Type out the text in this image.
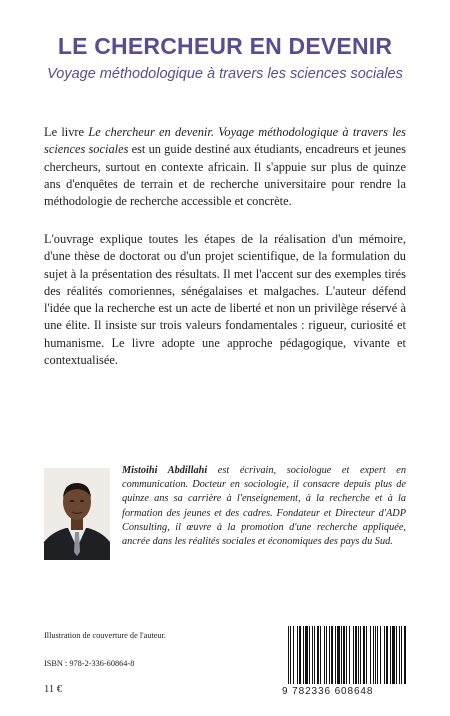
LE CHERCHEUR EN DEVENIR
Voyage méthodologique à travers les sciences sociales

Le livre Le chercheur en devenir. Voyage méthodologique à travers les sciences sociales est un guide destiné aux étudiants, encadreurs et jeunes chercheurs, surtout en contexte africain. Il s'appuie sur plus de quinze ans d'enquêtes de terrain et de recherche universitaire pour rendre la méthodologie de recherche accessible et concrète.

L'ouvrage explique toutes les étapes de la réalisation d'un mémoire, d'une thèse de doctorat ou d'un projet scientifique, de la formulation du sujet à la présentation des résultats. Il met l'accent sur des exemples tirés des réalités comoriennes, sénégalaises et malgaches. L'auteur défend l'idée que la recherche est un acte de liberté et non un privilège réservé à une élite. Il insiste sur trois valeurs fondamentales : rigueur, curiosité et humanisme. Le livre adopte une approche pédagogique, vivante et contextualisée.

Mistoihi Abdillahi est écrivain, sociologue et expert en communication. Docteur en sociologie, il consacre depuis plus de quinze ans sa carrière à l'enseignement, à la recherche et à la formation des jeunes et des cadres. Fondateur et Directeur d'ADP Consulting, il œuvre à la promotion d'une recherche appliquée, ancrée dans les réalités sociales et économiques des pays du Sud.

Illustration de couverture de l'auteur.
ISBN : 978-2-336-60864-8
11 €	9 782336 608648
